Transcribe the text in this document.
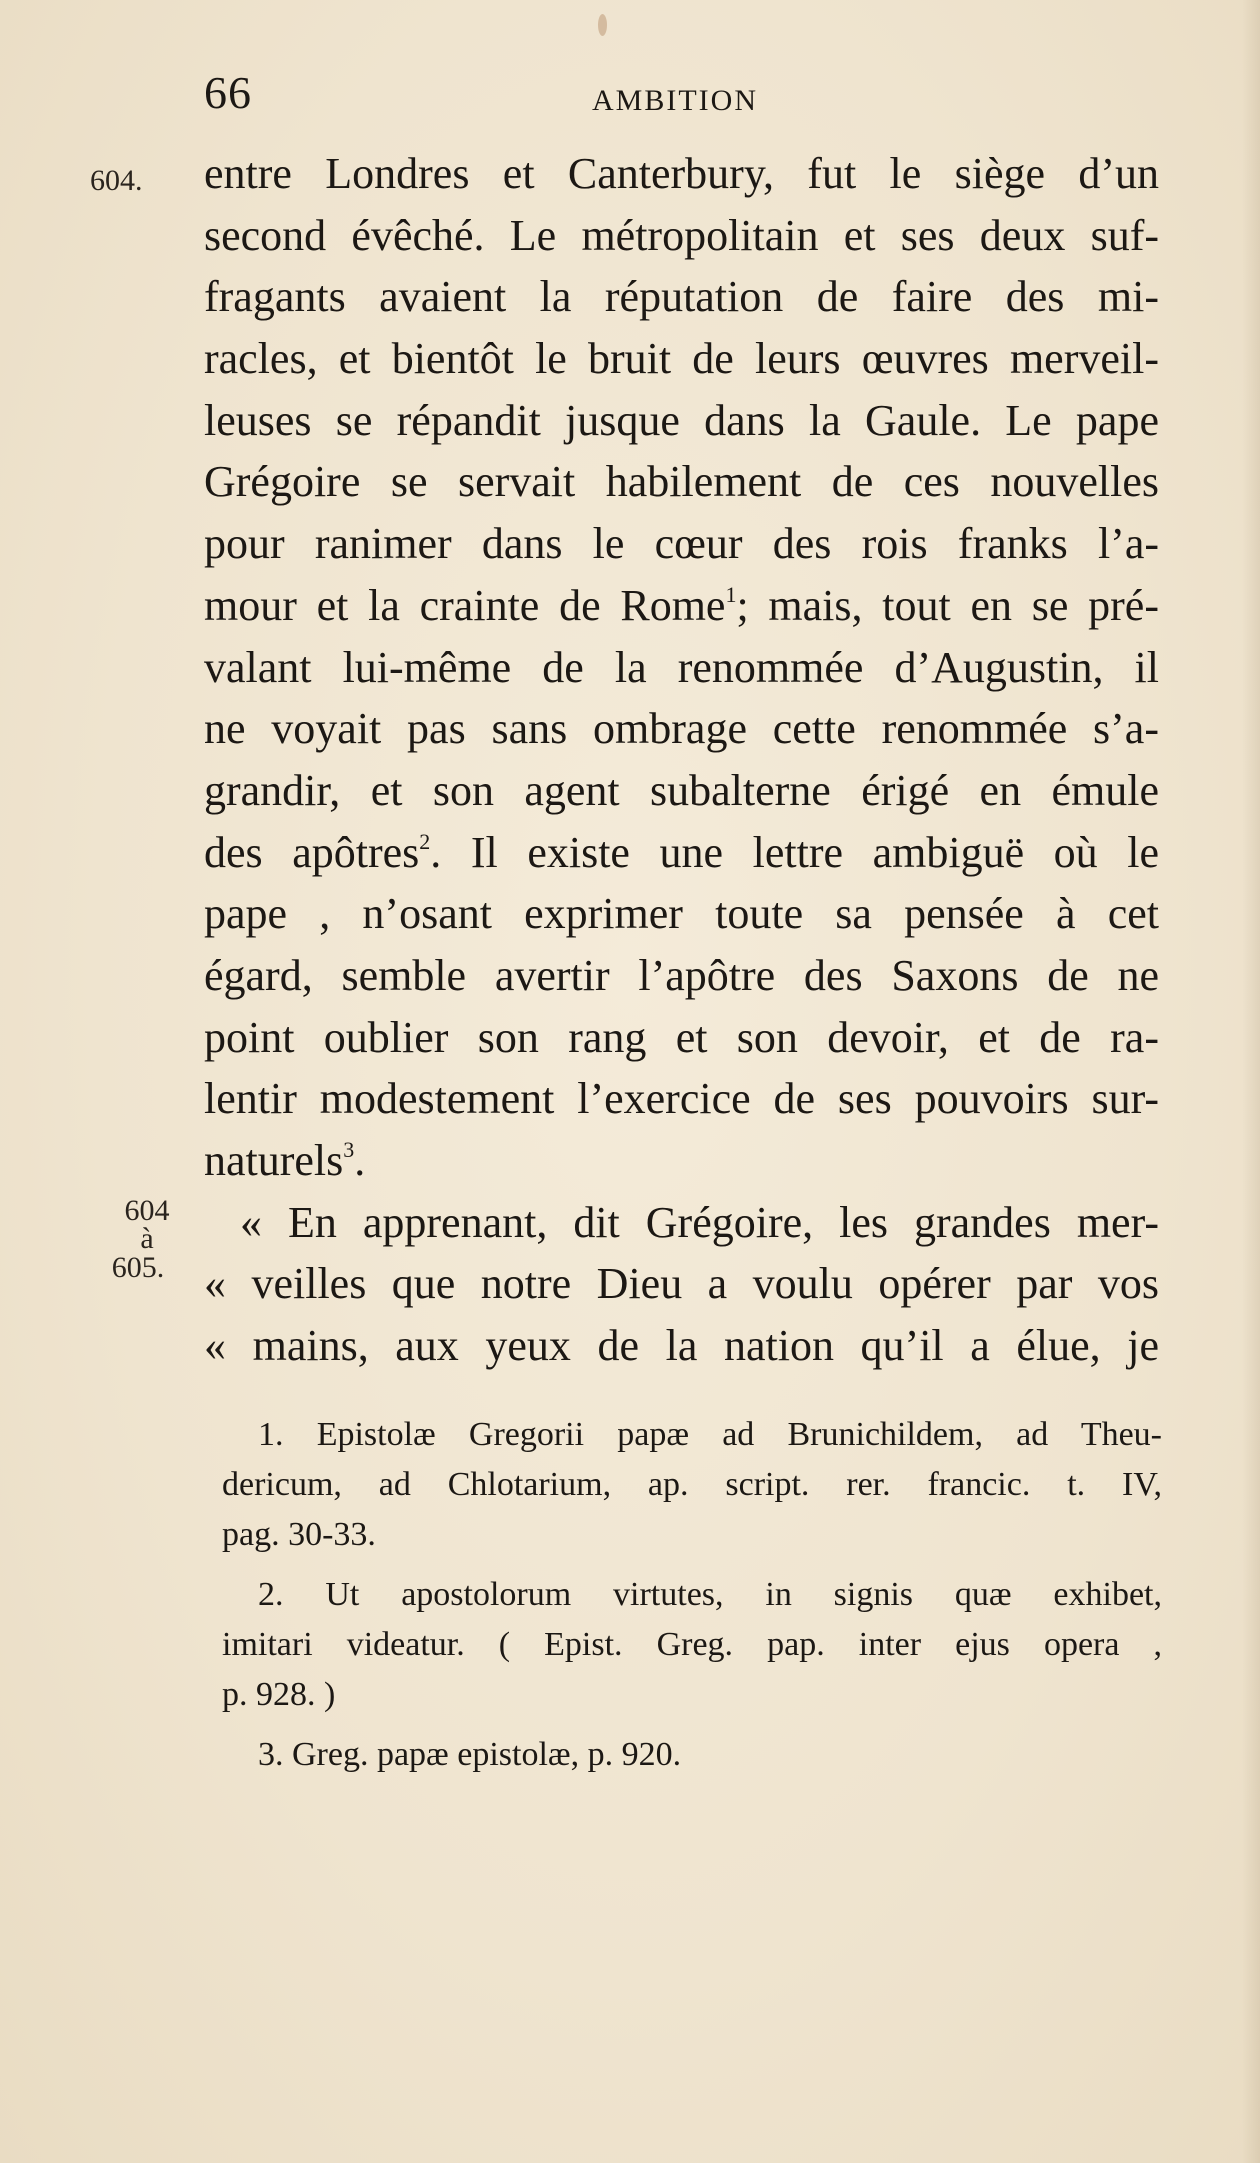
66	AMBITION
604.
604
à
605.
entre Londres et Canterbury, fut le siège d’un
second évêché. Le métropolitain et ses deux suf-
fragants avaient la réputation de faire des mi-
racles, et bientôt le bruit de leurs œuvres merveil-
leuses se répandit jusque dans la Gaule. Le pape
Grégoire se servait habilement de ces nouvelles
pour ranimer dans le cœur des rois franks l’a-
mour et la crainte de Rome$^1$; mais, tout en se pré-
valant lui-même de la renommée d’Augustin, il
ne voyait pas sans ombrage cette renommée s’a-
grandir, et son agent subalterne érigé en émule
des apôtres$^2$. Il existe une lettre ambiguë où le
pape , n’osant exprimer toute sa pensée à cet
égard, semble avertir l’apôtre des Saxons de ne
point oublier son rang et son devoir, et de ra-
lentir modestement l’exercice de ses pouvoirs sur-
naturels$^3$.
« En apprenant, dit Grégoire, les grandes mer-
« veilles que notre Dieu a voulu opérer par vos
« mains, aux yeux de la nation qu’il a élue, je
1. Epistolæ Gregorii papæ ad Brunichildem, ad Theu-
dericum, ad Chlotarium, ap. script. rer. francic. t. IV,
pag. 30-33.
2. Ut apostolorum virtutes, in signis quæ exhibet,
imitari videatur. ( Epist. Greg. pap. inter ejus opera ,
p. 928. )
3. Greg. papæ epistolæ, p. 920.
